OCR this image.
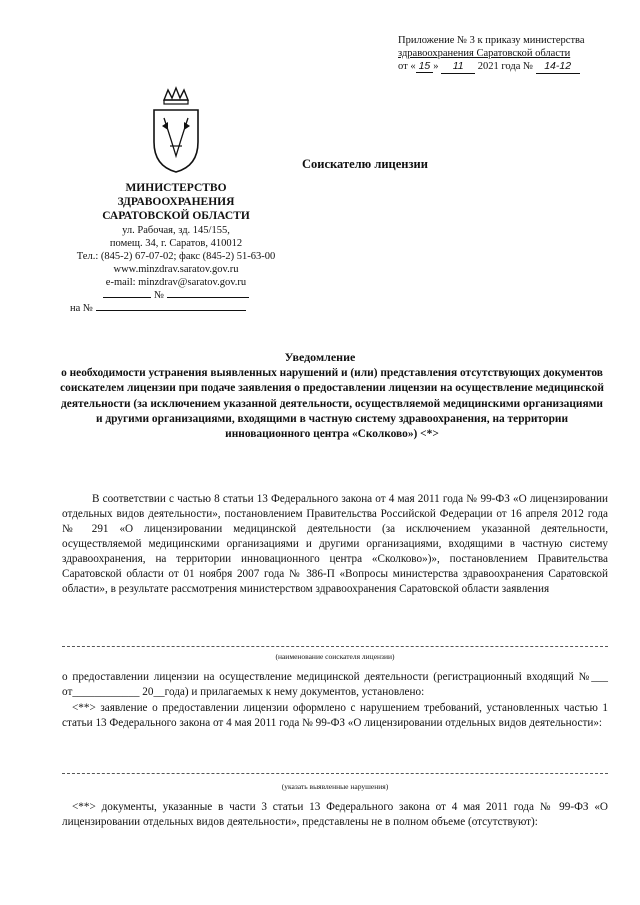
Приложение № 3 к приказу министерства
здравоохранения Саратовской области
от « 15 » 11 2021 года № 14-12
Соискателю лицензии
МИНИСТЕРСТВО
ЗДРАВООХРАНЕНИЯ
САРАТОВСКОЙ ОБЛАСТИ
ул. Рабочая, зд. 145/155,
помещ. 34, г. Саратов, 410012
Тел.: (845-2) 67-07-02; факс (845-2) 51-63-00
www.minzdrav.saratov.gov.ru
e-mail: minzdrav@saratov.gov.ru
№
на №
Уведомление
о необходимости устранения выявленных нарушений и (или) представления отсутствующих документов соискателем лицензии при подаче заявления о предоставлении лицензии на осуществление медицинской деятельности (за исключением указанной деятельности, осуществляемой медицинскими организациями и другими организациями, входящими в частную систему здравоохранения, на территории инновационного центра «Сколково») <*>
В соответствии с частью 8 статьи 13 Федерального закона от 4 мая 2011 года № 99-ФЗ «О лицензировании отдельных видов деятельности», постановлением Правительства Российской Федерации от 16 апреля 2012 года № 291 «О лицензировании медицинской деятельности (за исключением указанной деятельности, осуществляемой медицинскими организациями и другими организациями, входящими в частную систему здравоохранения, на территории инновационного центра «Сколково»)», постановлением Правительства Саратовской области от 01 ноября 2007 года № 386-П «Вопросы министерства здравоохранения Саратовской области», в результате рассмотрения министерством здравоохранения Саратовской области заявления
(наименование соискателя лицензии)
о предоставлении лицензии на осуществление медицинской деятельности (регистрационный входящий №___ от____________ 20__года) и прилагаемых к нему документов, установлено:
<**> заявление о предоставлении лицензии оформлено с нарушением требований, установленных частью 1 статьи 13 Федерального закона от 4 мая 2011 года № 99-ФЗ «О лицензировании отдельных видов деятельности»:
(указать выявленные нарушения)
<**> документы, указанные в части 3 статьи 13 Федерального закона от 4 мая 2011 года № 99-ФЗ «О лицензировании отдельных видов деятельности», представлены не в полном объеме (отсутствуют):
